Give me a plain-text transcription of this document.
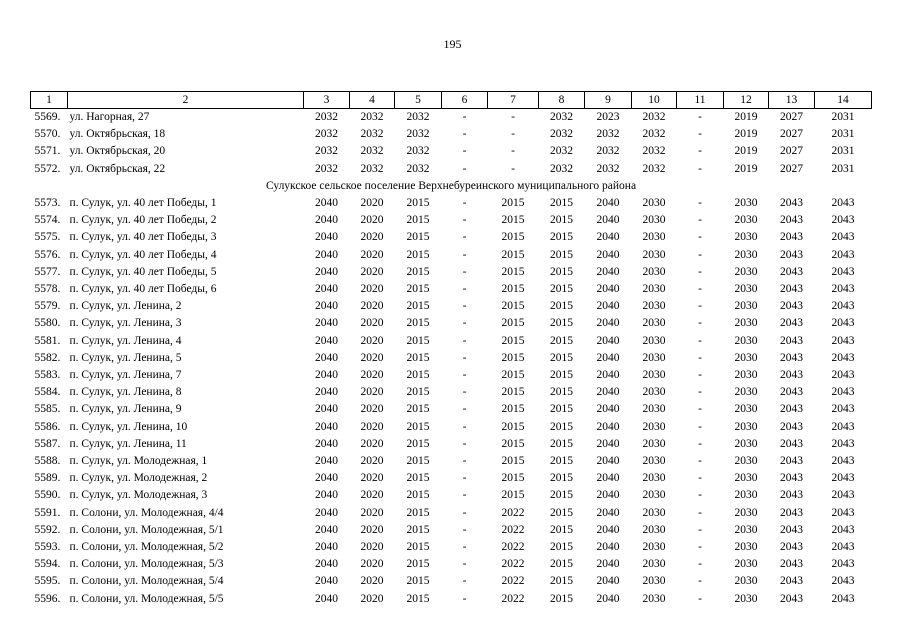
195
1	2	3	4	5	6	7	8	9	10	11	12	13	14
5569.	ул. Нагорная, 27	2032	2032	2032	-	-	2032	2023	2032	-	2019	2027	2031
5570.	ул. Октябрьская, 18	2032	2032	2032	-	-	2032	2032	2032	-	2019	2027	2031
5571.	ул. Октябрьская, 20	2032	2032	2032	-	-	2032	2032	2032	-	2019	2027	2031
5572.	ул. Октябрьская, 22	2032	2032	2032	-	-	2032	2032	2032	-	2019	2027	2031
Сулукское сельское поселение Верхнебуреинского муниципального района													
5573.	п. Сулук, ул. 40 лет Победы, 1	2040	2020	2015	-	2015	2015	2040	2030	-	2030	2043	2043
5574.	п. Сулук, ул. 40 лет Победы, 2	2040	2020	2015	-	2015	2015	2040	2030	-	2030	2043	2043
5575.	п. Сулук, ул. 40 лет Победы, 3	2040	2020	2015	-	2015	2015	2040	2030	-	2030	2043	2043
5576.	п. Сулук, ул. 40 лет Победы, 4	2040	2020	2015	-	2015	2015	2040	2030	-	2030	2043	2043
5577.	п. Сулук, ул. 40 лет Победы, 5	2040	2020	2015	-	2015	2015	2040	2030	-	2030	2043	2043
5578.	п. Сулук, ул. 40 лет Победы, 6	2040	2020	2015	-	2015	2015	2040	2030	-	2030	2043	2043
5579.	п. Сулук, ул. Ленина, 2	2040	2020	2015	-	2015	2015	2040	2030	-	2030	2043	2043
5580.	п. Сулук, ул. Ленина, 3	2040	2020	2015	-	2015	2015	2040	2030	-	2030	2043	2043
5581.	п. Сулук, ул. Ленина, 4	2040	2020	2015	-	2015	2015	2040	2030	-	2030	2043	2043
5582.	п. Сулук, ул. Ленина, 5	2040	2020	2015	-	2015	2015	2040	2030	-	2030	2043	2043
5583.	п. Сулук, ул. Ленина, 7	2040	2020	2015	-	2015	2015	2040	2030	-	2030	2043	2043
5584.	п. Сулук, ул. Ленина, 8	2040	2020	2015	-	2015	2015	2040	2030	-	2030	2043	2043
5585.	п. Сулук, ул. Ленина, 9	2040	2020	2015	-	2015	2015	2040	2030	-	2030	2043	2043
5586.	п. Сулук, ул. Ленина, 10	2040	2020	2015	-	2015	2015	2040	2030	-	2030	2043	2043
5587.	п. Сулук, ул. Ленина, 11	2040	2020	2015	-	2015	2015	2040	2030	-	2030	2043	2043
5588.	п. Сулук, ул. Молодежная, 1	2040	2020	2015	-	2015	2015	2040	2030	-	2030	2043	2043
5589.	п. Сулук, ул. Молодежная, 2	2040	2020	2015	-	2015	2015	2040	2030	-	2030	2043	2043
5590.	п. Сулук, ул. Молодежная, 3	2040	2020	2015	-	2015	2015	2040	2030	-	2030	2043	2043
5591.	п. Солони, ул. Молодежная, 4/4	2040	2020	2015	-	2022	2015	2040	2030	-	2030	2043	2043
5592.	п. Солони, ул. Молодежная, 5/1	2040	2020	2015	-	2022	2015	2040	2030	-	2030	2043	2043
5593.	п. Солони, ул. Молодежная, 5/2	2040	2020	2015	-	2022	2015	2040	2030	-	2030	2043	2043
5594.	п. Солони, ул. Молодежная, 5/3	2040	2020	2015	-	2022	2015	2040	2030	-	2030	2043	2043
5595.	п. Солони, ул. Молодежная, 5/4	2040	2020	2015	-	2022	2015	2040	2030	-	2030	2043	2043
5596.	п. Солони, ул. Молодежная, 5/5	2040	2020	2015	-	2022	2015	2040	2030	-	2030	2043	2043
